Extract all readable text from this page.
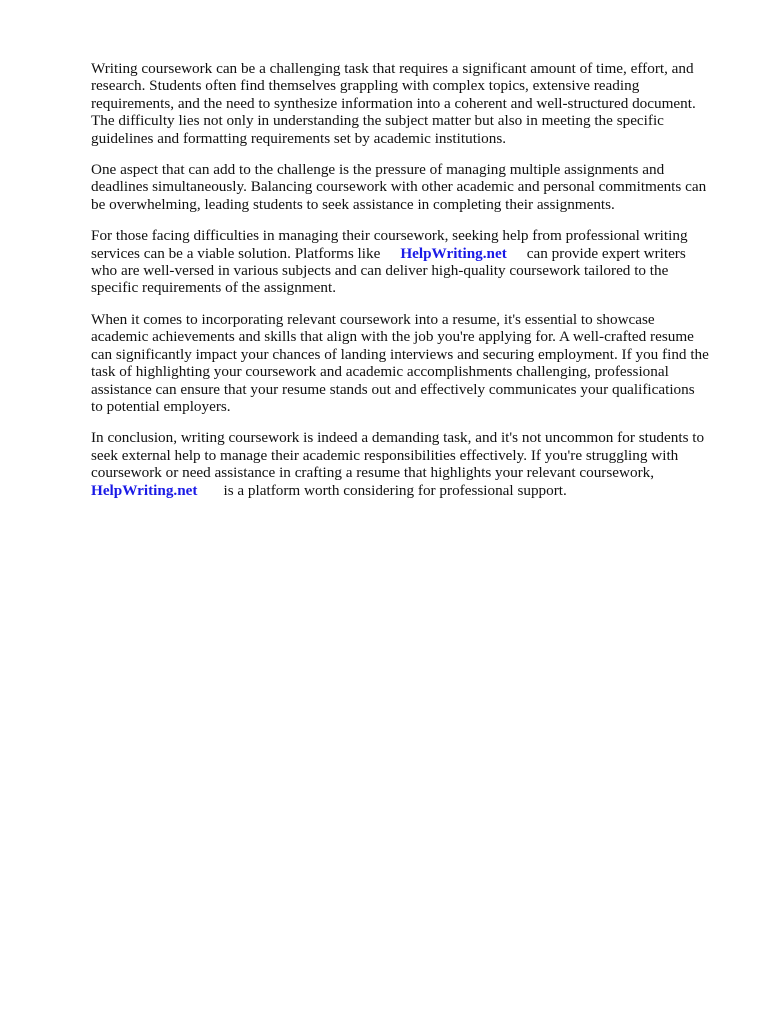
Writing coursework can be a challenging task that requires a significant amount of time, effort, and
research. Students often find themselves grappling with complex topics, extensive reading
requirements, and the need to synthesize information into a coherent and well-structured document.
The difficulty lies not only in understanding the subject matter but also in meeting the specific
guidelines and formatting requirements set by academic institutions.

One aspect that can add to the challenge is the pressure of managing multiple assignments and
deadlines simultaneously. Balancing coursework with other academic and personal commitments can
be overwhelming, leading students to seek assistance in completing their assignments.

For those facing difficulties in managing their coursework, seeking help from professional writing
services can be a viable solution. Platforms like HelpWriting.net can provide expert writers
who are well-versed in various subjects and can deliver high-quality coursework tailored to the
specific requirements of the assignment.

When it comes to incorporating relevant coursework into a resume, it's essential to showcase
academic achievements and skills that align with the job you're applying for. A well-crafted resume
can significantly impact your chances of landing interviews and securing employment. If you find the
task of highlighting your coursework and academic accomplishments challenging, professional
assistance can ensure that your resume stands out and effectively communicates your qualifications
to potential employers.

In conclusion, writing coursework is indeed a demanding task, and it's not uncommon for students to
seek external help to manage their academic responsibilities effectively. If you're struggling with
coursework or need assistance in crafting a resume that highlights your relevant coursework,
HelpWriting.net is a platform worth considering for professional support.
